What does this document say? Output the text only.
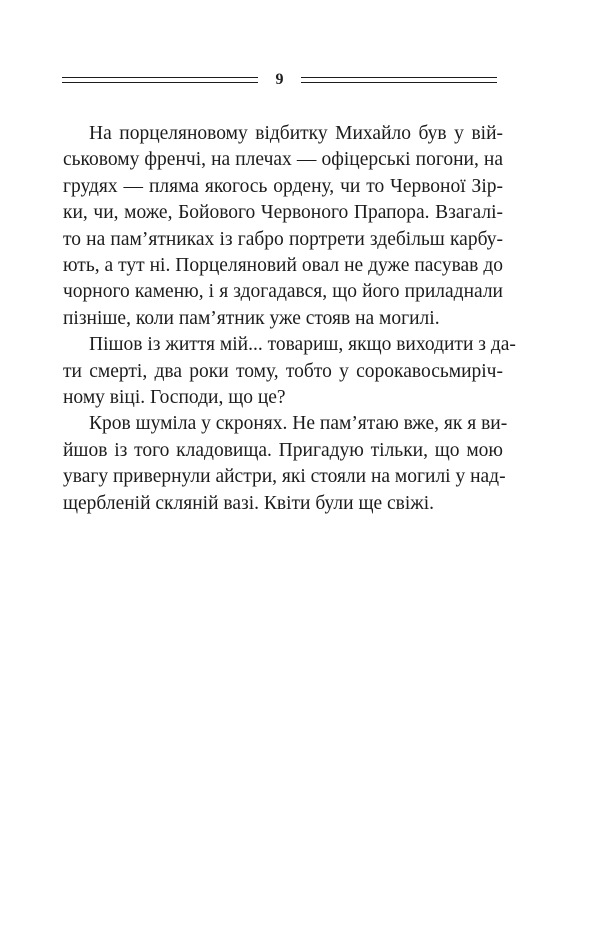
9
На порцеляновому відбитку Михайло був у вій-
ськовому френчі, на плечах — офіцерські погони, на
грудях — пляма якогось ордену, чи то Червоної Зір-
ки, чи, може, Бойового Червоного Прапора. Взагалі-
то на пам’ятниках із габро портрети здебільш карбу-
ють, а тут ні. Порцеляновий овал не дуже пасував до
чорного каменю, і я здогадався, що його приладнали
пізніше, коли пам’ятник уже стояв на могилі.
Пішов із життя мій... товариш, якщо виходити з да-
ти смерті, два роки тому, тобто у сорокавосьмиріч-
ному віці. Господи, що це?
Кров шуміла у скронях. Не пам’ятаю вже, як я ви-
йшов із того кладовища. Пригадую тільки, що мою
увагу привернули айстри, які стояли на могилі у над-
щербленій скляній вазі. Квіти були ще свіжі.
